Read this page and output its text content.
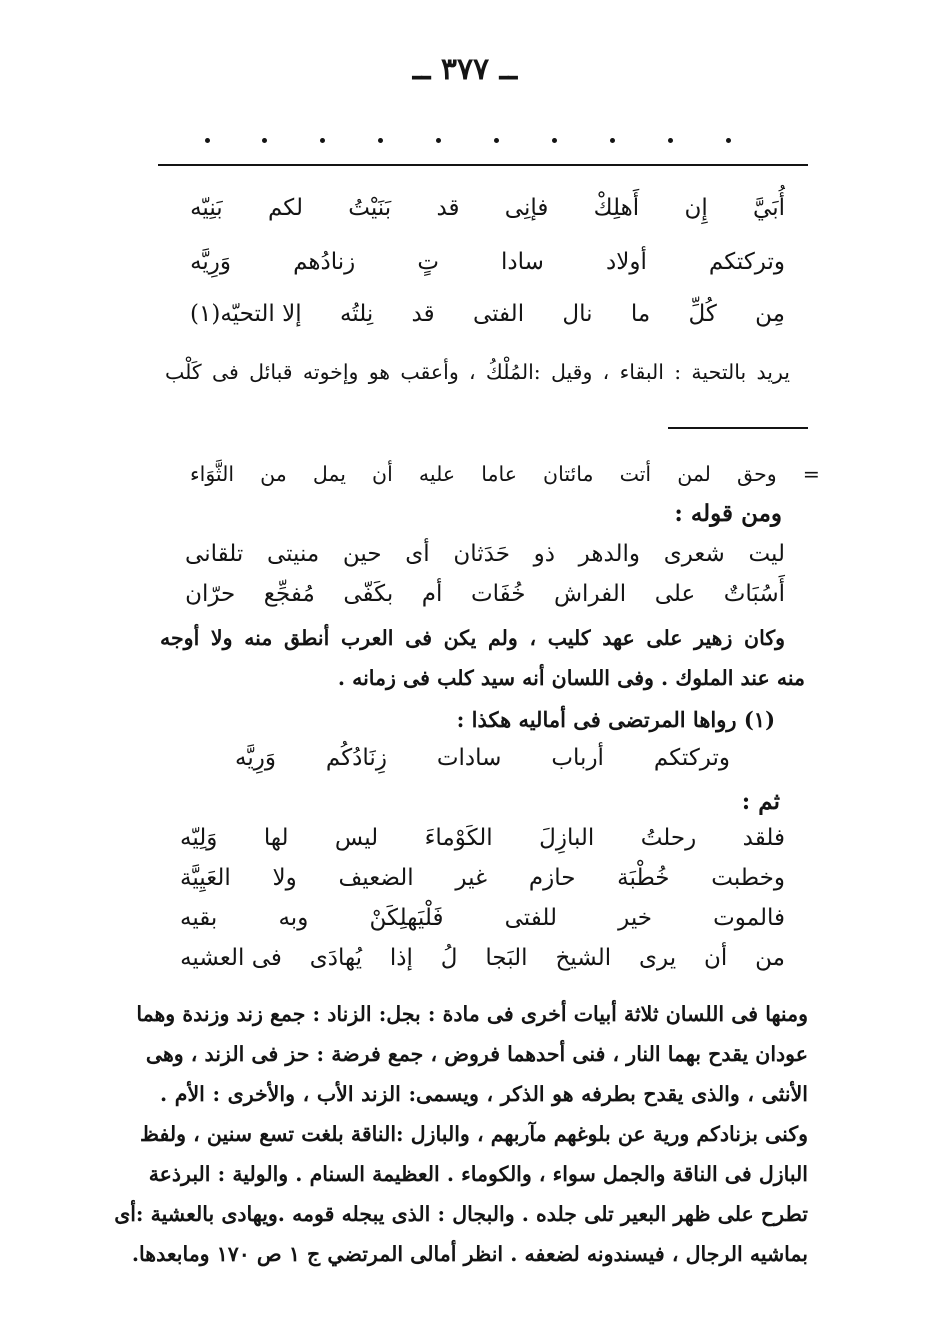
ــ ٣٧٧ ــ
أُبَيَّ
إِن
أَهلِكْ
فإنِى
قد
بَنَيْتُ
لكم
بَنِيّه
وتركتكم
أولاد
سادا
تٍ
زنادُهم
وَرِيَّه
مِن
كُلِّ
ما
نال
الفتى
قد
نِلتُه
إلا التحيّه(١)
يريد بالتحية : البقاء ، وقيل :المُلْكُ ، وأعقب هو وإخوته قبائل فى كَلْب
= وحق لمن أتت مائتان عاما عليه أن يمل من الثَّوَاء
ومن قوله :
ليت
شعرى
والدهر
ذو
حَدَثان
أى
حين
منيتى
تلقانى
أَسُبَاتٌ
على
الفراش
خُفَات
أم
بكَفّى
مُفجِّع
حرّان
وكان زهير على عهد كليب ، ولم يكن فى العرب أنطق منه ولا أوجه
منه عند الملوك . وفى اللسان أنه سيد كلب فى زمانه .
(١) رواها المرتضى فى أماليه هكذا :
وتركتكم
أرباب
سادات
زِنَادُكُم
وَرِيَّه
ثم :
فلقد
رحلتُ
البازِلَ
الكَوْماءَ
ليس
لها
وَلِيّه
وخطبت
خُطْبَة
حازم
غير
الضعيف
ولا
العَيِيَّة
فالموت
خير
للفتى
فَلْيَهلِكَنْ
وبه
بقيه
من
أن
يرى
الشيخ
البَجا
لُ
إذا
يُهادَى
فى العشيه
ومنها فى اللسان ثلاثة أبيات أخرى فى مادة : بجل: الزناد : جمع زند وزندة وهما
عودان يقدح بهما النار ، فنى أحدهما فروض ، جمع فرضة : حز فى الزند ، وهى
الأنثى ، والذى يقدح بطرفه هو الذكر ، ويسمى: الزند الأب ، والأخرى : الأم .
وكنى بزنادكم ورية عن بلوغهم مآربهم ، والبازل :الناقة بلغت تسع سنين ، ولفظ
البازل فى الناقة والجمل سواء ، والكوماء . العظيمة السنام . والولية : البرذعة
تطرح على ظهر البعير تلى جلده . والبجال : الذى يبجله قومه .ويهادى بالعشية :أى
بماشيه الرجال ، فيسندونه لضعفه . انظر أمالى المرتضي ج ١ ص ١٧٠ ومابعدها.
